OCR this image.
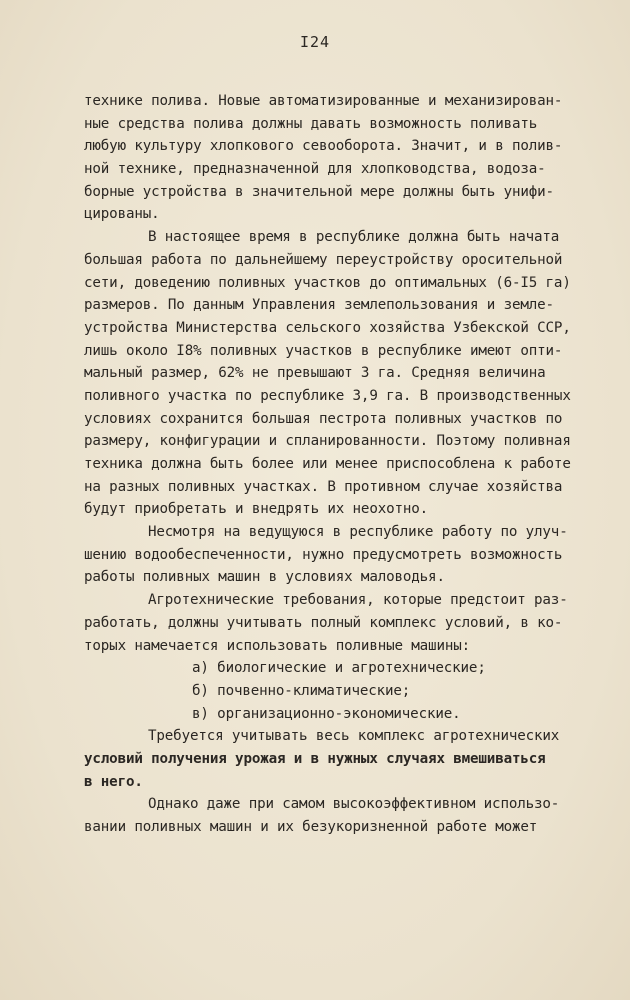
I24
технике полива. Новые автоматизированные и механизирован-
ные средства полива должны давать возможность поливать
любую культуру хлопкового севооборота. Значит, и в полив-
ной технике, предназначенной для хлопководства, водоза-
борные устройства в значительной мере должны быть унифи-
цированы.
В настоящее время в республике должна быть начата
большая работа по дальнейшему переустройству оросительной
сети, доведению поливных участков до оптимальных (6-I5 га)
размеров. По данным Управления землепользования и земле-
устройства Министерства сельского хозяйства Узбекской ССР,
лишь около I8% поливных участков в республике имеют опти-
мальный размер, 62% не превышают 3 га. Средняя величина
поливного участка по республике 3,9 га. В производственных
условиях сохранится большая пестрота поливных участков по
размеру, конфигурации и спланированности. Поэтому поливная
техника должна быть более или менее приспособлена к работе
на разных поливных участках. В противном случае хозяйства
будут приобретать и внедрять их неохотно.
Несмотря на ведущуюся в республике работу по улуч-
шению водообеспеченности, нужно предусмотреть возможность
работы поливных машин в условиях маловодья.
Агротехнические требования, которые предстоит раз-
работать, должны учитывать полный комплекс условий, в ко-
торых намечается использовать поливные машины:
а) биологические и агротехнические;
б) почвенно-климатические;
в) организационно-экономические.
Требуется учитывать весь комплекс агротехнических
условий получения урожая и в нужных случаях вмешиваться
в него.
Однако даже при самом высокоэффективном использо-
вании поливных машин и их безукоризненной работе может
